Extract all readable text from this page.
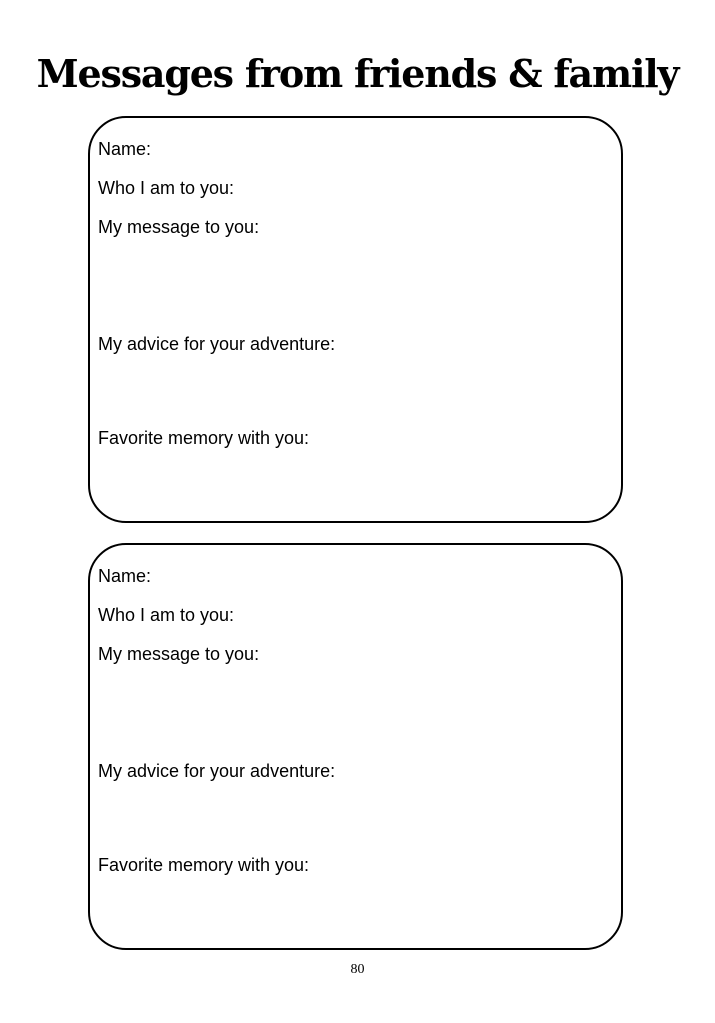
Messages from friends & family

Name:

Who I am to you:

My message to you:

My advice for your adventure:

Favorite memory with you:

Name:

Who I am to you:

My message to you:

My advice for your adventure:

Favorite memory with you:

80
